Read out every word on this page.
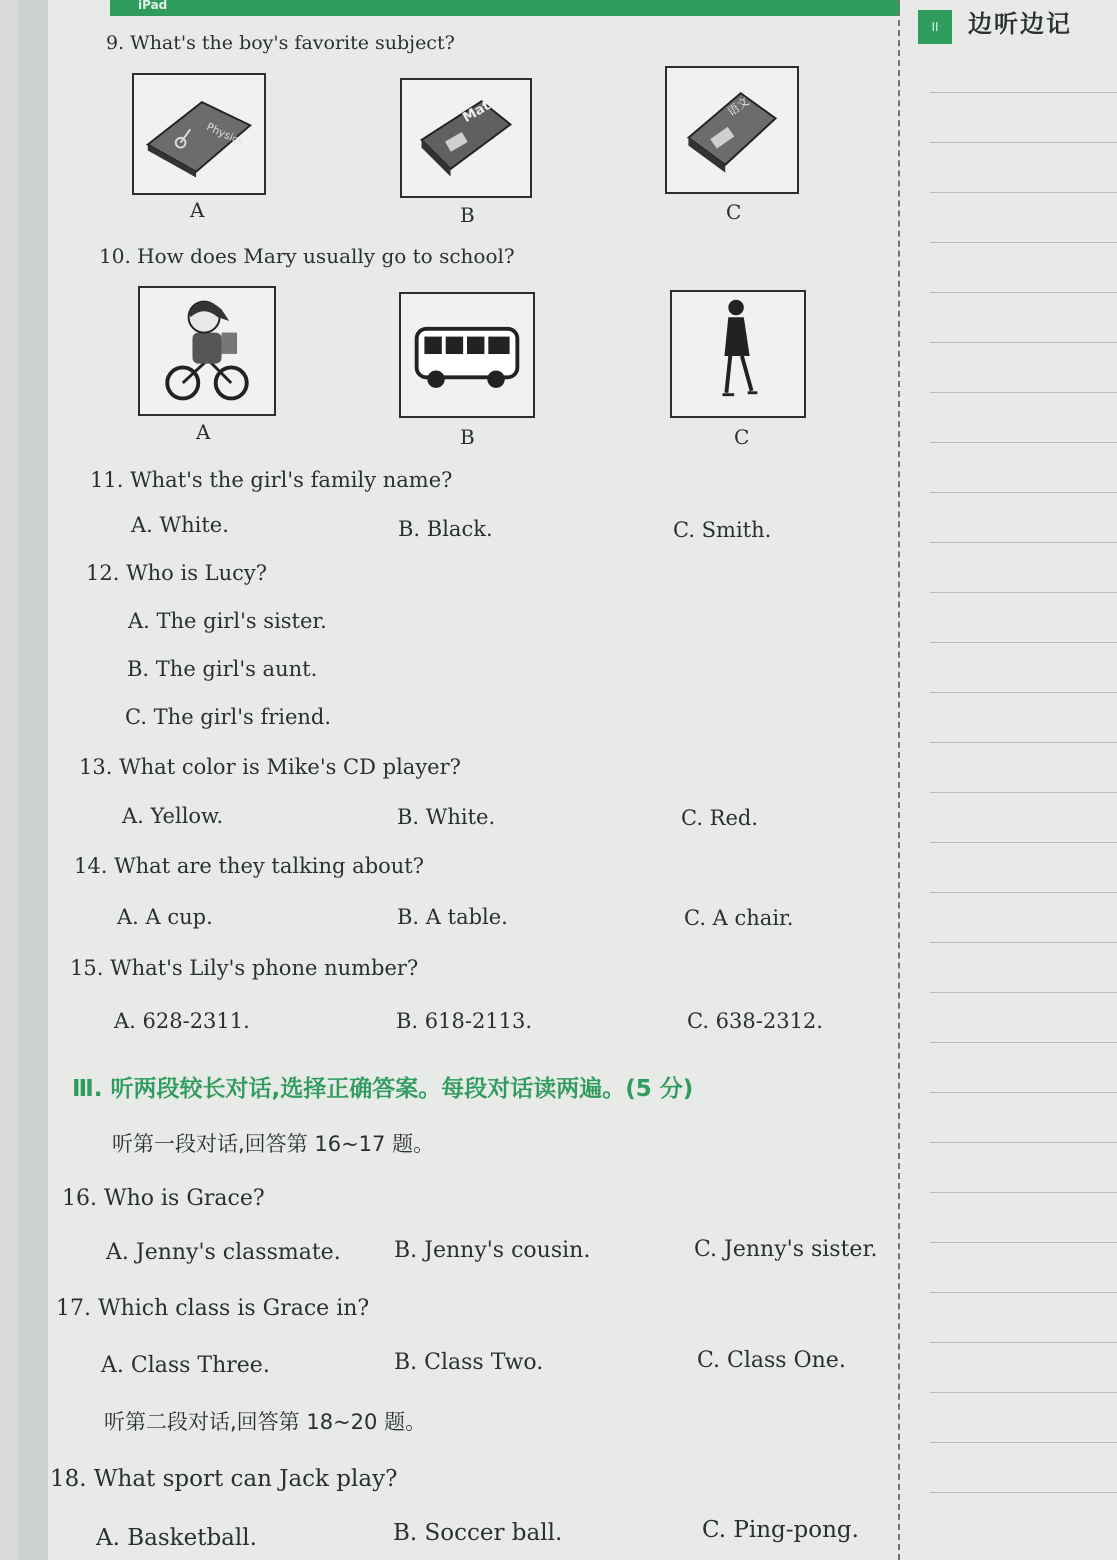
iPad
II	边听边记
9. What's the boy's favorite subject?
Physics
A
Math
B
语文
C
10. How does Mary usually go to school?
A	B	C
11. What's the girl's family name?
A. White.	B. Black.	C. Smith.
12. Who is Lucy?
A. The girl's sister.
B. The girl's aunt.
C. The girl's friend.
13. What color is Mike's CD player?
A. Yellow.	B. White.	C. Red.
14. What are they talking about?
A. A cup.	B. A table.	C. A chair.
15. What's Lily's phone number?
A. 628-2311.	B. 618-2113.	C. 638-2312.
Ⅲ. 听两段较长对话,选择正确答案。每段对话读两遍。(5 分)
听第一段对话,回答第 16~17 题。
16. Who is Grace?
A. Jenny's classmate. B. Jenny's cousin.	C. Jenny's sister.
17. Which class is Grace in?
A. Class Three.	B. Class Two.	C. Class One.
听第二段对话,回答第 18~20 题。
18. What sport can Jack play?
A. Basketball.	B. Soccer ball.	C. Ping-pong.
